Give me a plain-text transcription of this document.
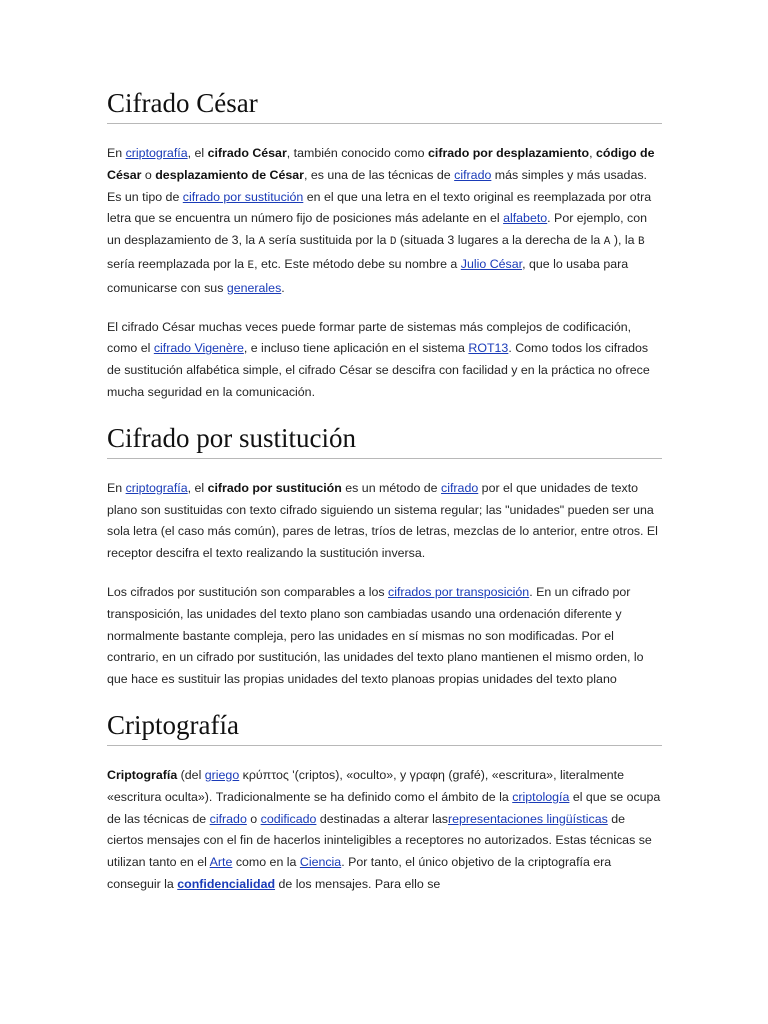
Cifrado César

En criptografía, el cifrado César, también conocido como cifrado por desplazamiento, código de César o desplazamiento de César, es una de las técnicas de cifrado más simples y más usadas. Es un tipo de cifrado por sustitución en el que una letra en el texto original es reemplazada por otra letra que se encuentra un número fijo de posiciones más adelante en el alfabeto. Por ejemplo, con un desplazamiento de 3, la A sería sustituida por la D (situada 3 lugares a la derecha de la A ), la B sería reemplazada por la E, etc. Este método debe su nombre a Julio César, que lo usaba para comunicarse con sus generales.

El cifrado César muchas veces puede formar parte de sistemas más complejos de codificación, como el cifrado Vigenère, e incluso tiene aplicación en el sistema ROT13. Como todos los cifrados de sustitución alfabética simple, el cifrado César se descifra con facilidad y en la práctica no ofrece mucha seguridad en la comunicación.

Cifrado por sustitución

En criptografía, el cifrado por sustitución es un método de cifrado por el que unidades de texto plano son sustituidas con texto cifrado siguiendo un sistema regular; las "unidades" pueden ser una sola letra (el caso más común), pares de letras, tríos de letras, mezclas de lo anterior, entre otros. El receptor descifra el texto realizando la sustitución inversa.

Los cifrados por sustitución son comparables a los cifrados por transposición. En un cifrado por transposición, las unidades del texto plano son cambiadas usando una ordenación diferente y normalmente bastante compleja, pero las unidades en sí mismas no son modificadas. Por el contrario, en un cifrado por sustitución, las unidades del texto plano mantienen el mismo orden, lo que hace es sustituir las propias unidades del texto planoas propias unidades del texto plano

Criptografía

Criptografía (del griego κρύπτος '(criptos), «oculto», y γραφη (grafé), «escritura», literalmente «escritura oculta»). Tradicionalmente se ha definido como el ámbito de la criptología el que se ocupa de las técnicas de cifrado o codificado destinadas a alterar lasrepresentaciones lingüísticas de ciertos mensajes con el fin de hacerlos ininteligibles a receptores no autorizados. Estas técnicas se utilizan tanto en el Arte como en la Ciencia. Por tanto, el único objetivo de la criptografía era conseguir la confidencialidad de los mensajes. Para ello se
